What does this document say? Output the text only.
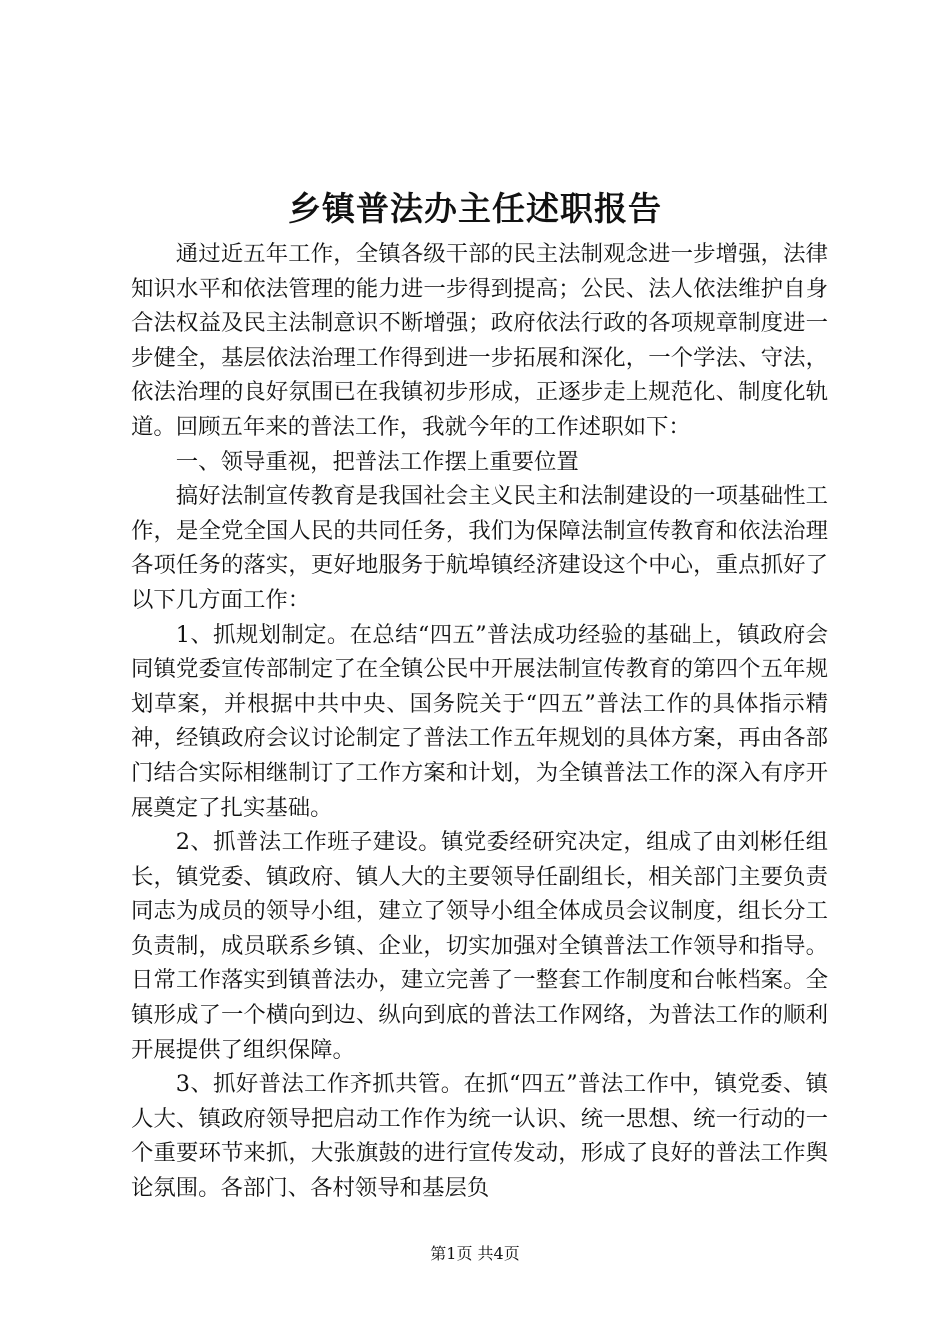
乡镇普法办主任述职报告

通过近五年工作，全镇各级干部的民主法制观念进一步增强，法律知识水平和依法管理的能力进一步得到提高；公民、法人依法维护自身合法权益及民主法制意识不断增强；政府依法行政的各项规章制度进一步健全，基层依法治理工作得到进一步拓展和深化，一个学法、守法，依法治理的良好氛围已在我镇初步形成，正逐步走上规范化、制度化轨道。回顾五年来的普法工作，我就今年的工作述职如下：

一、领导重视，把普法工作摆上重要位置

搞好法制宣传教育是我国社会主义民主和法制建设的一项基础性工作，是全党全国人民的共同任务，我们为保障法制宣传教育和依法治理各项任务的落实，更好地服务于航埠镇经济建设这个中心，重点抓好了以下几方面工作：

1、抓规划制定。在总结“四五”普法成功经验的基础上，镇政府会同镇党委宣传部制定了在全镇公民中开展法制宣传教育的第四个五年规划草案，并根据中共中央、国务院关于“四五”普法工作的具体指示精神，经镇政府会议讨论制定了普法工作五年规划的具体方案，再由各部门结合实际相继制订了工作方案和计划，为全镇普法工作的深入有序开展奠定了扎实基础。

2、抓普法工作班子建设。镇党委经研究决定，组成了由刘彬任组长，镇党委、镇政府、镇人大的主要领导任副组长，相关部门主要负责同志为成员的领导小组，建立了领导小组全体成员会议制度，组长分工负责制，成员联系乡镇、企业，切实加强对全镇普法工作领导和指导。日常工作落实到镇普法办，建立完善了一整套工作制度和台帐档案。全镇形成了一个横向到边、纵向到底的普法工作网络，为普法工作的顺利开展提供了组织保障。

3、抓好普法工作齐抓共管。在抓“四五”普法工作中，镇党委、镇人大、镇政府领导把启动工作作为统一认识、统一思想、统一行动的一个重要环节来抓，大张旗鼓的进行宣传发动，形成了良好的普法工作舆论氛围。各部门、各村领导和基层负

第1页 共4页
